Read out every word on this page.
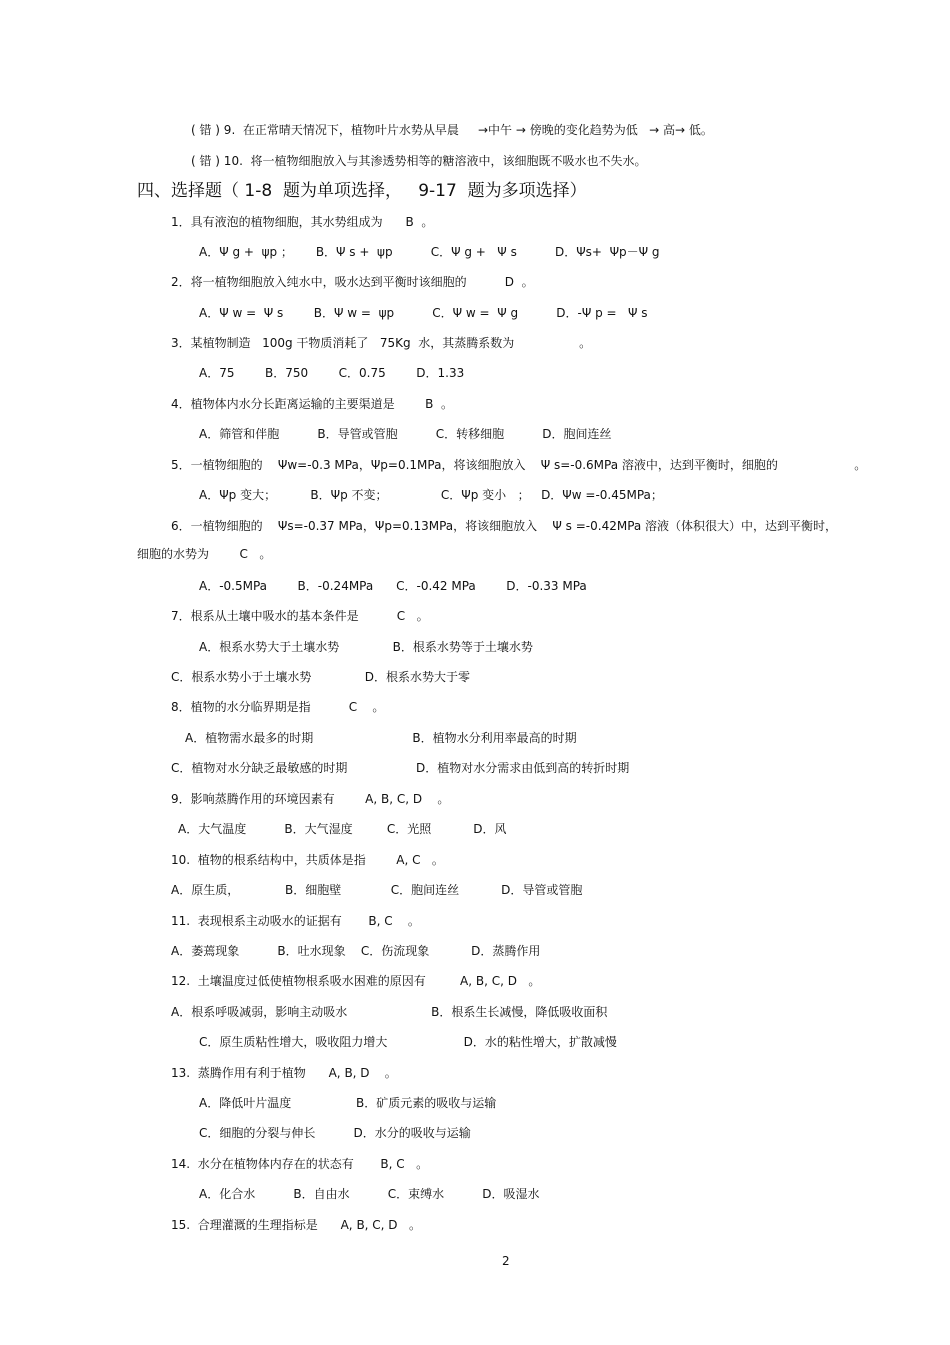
( 错 ) 9.  在正常晴天情况下，植物叶片水势从早晨     →中午 → 傍晚的变化趋势为低   → 高→ 低。
( 错 ) 10.  将一植物细胞放入与其渗透势相等的糖溶液中，该细胞既不吸水也不失水。
四、选择题（ 1-8  题为单项选择，   9-17  题为多项选择）
1．具有液泡的植物细胞，其水势组成为      B  。
A．Ψ g +  ψp ；      B．Ψ s +  ψp          C．Ψ g +   Ψ s          D．Ψs+  Ψp－Ψ g
2．将一植物细胞放入纯水中，吸水达到平衡时该细胞的          D  。
A．Ψ w =  Ψ s        B．Ψ w =  ψp          C．Ψ w =  Ψ g          D．-Ψ p =   Ψ s
3．某植物制造   100g 干物质消耗了   75Kg  水，其蒸腾系数为                 。
A．75        B．750        C．0.75        D．1.33
4．植物体内水分长距离运输的主要渠道是        B  。
A．筛管和伴胞          B．导管或管胞          C．转移细胞          D．胞间连丝
5．一植物细胞的    Ψw=-0.3 MPa，Ψp=0.1MPa，将该细胞放入    Ψ s=-0.6MPa 溶液中，达到平衡时，细胞的                    。
A．Ψp 变大；         B．Ψp 不变；              C．Ψp 变小   ；   D．Ψw =-0.45MPa；
6．一植物细胞的    Ψs=-0.37 MPa，Ψp=0.13MPa，将该细胞放入    Ψ s =-0.42MPa 溶液（体积很大）中，达到平衡时，
细胞的水势为        C   。
A．-0.5MPa        B．-0.24MPa      C．-0.42 MPa        D．-0.33 MPa
7．根系从土壤中吸水的基本条件是          C   。
A．根系水势大于土壤水势              B．根系水势等于土壤水势
C．根系水势小于土壤水势              D．根系水势大于零
8．植物的水分临界期是指          C    。
A．植物需水最多的时期                          B．植物水分利用率最高的时期
C．植物对水分缺乏最敏感的时期                  D．植物对水分需求由低到高的转折时期
9．影响蒸腾作用的环境因素有        A, B, C, D    。
A．大气温度          B．大气湿度         C．光照           D．风
10.  植物的根系结构中，共质体是指        A, C   。
A．原生质，            B．细胞壁             C．胞间连丝           D．导管或管胞
11.  表现根系主动吸水的证据有       B, C    。
A．萎蔫现象          B．吐水现象    C．伤流现象           D．蒸腾作用
12.  土壤温度过低使植物根系吸水困难的原因有         A, B, C, D   。
A．根系呼吸减弱，影响主动吸水                      B．根系生长减慢，降低吸收面积
C．原生质粘性增大，吸收阻力增大                    D．水的粘性增大，扩散减慢
13.  蒸腾作用有利于植物      A, B, D    。
A．降低叶片温度                 B．矿质元素的吸收与运输
C．细胞的分裂与伸长          D．水分的吸收与运输
14.  水分在植物体内存在的状态有       B, C   。
A．化合水          B．自由水          C．束缚水          D．吸湿水
15.  合理灌溉的生理指标是      A, B, C, D   。
2
